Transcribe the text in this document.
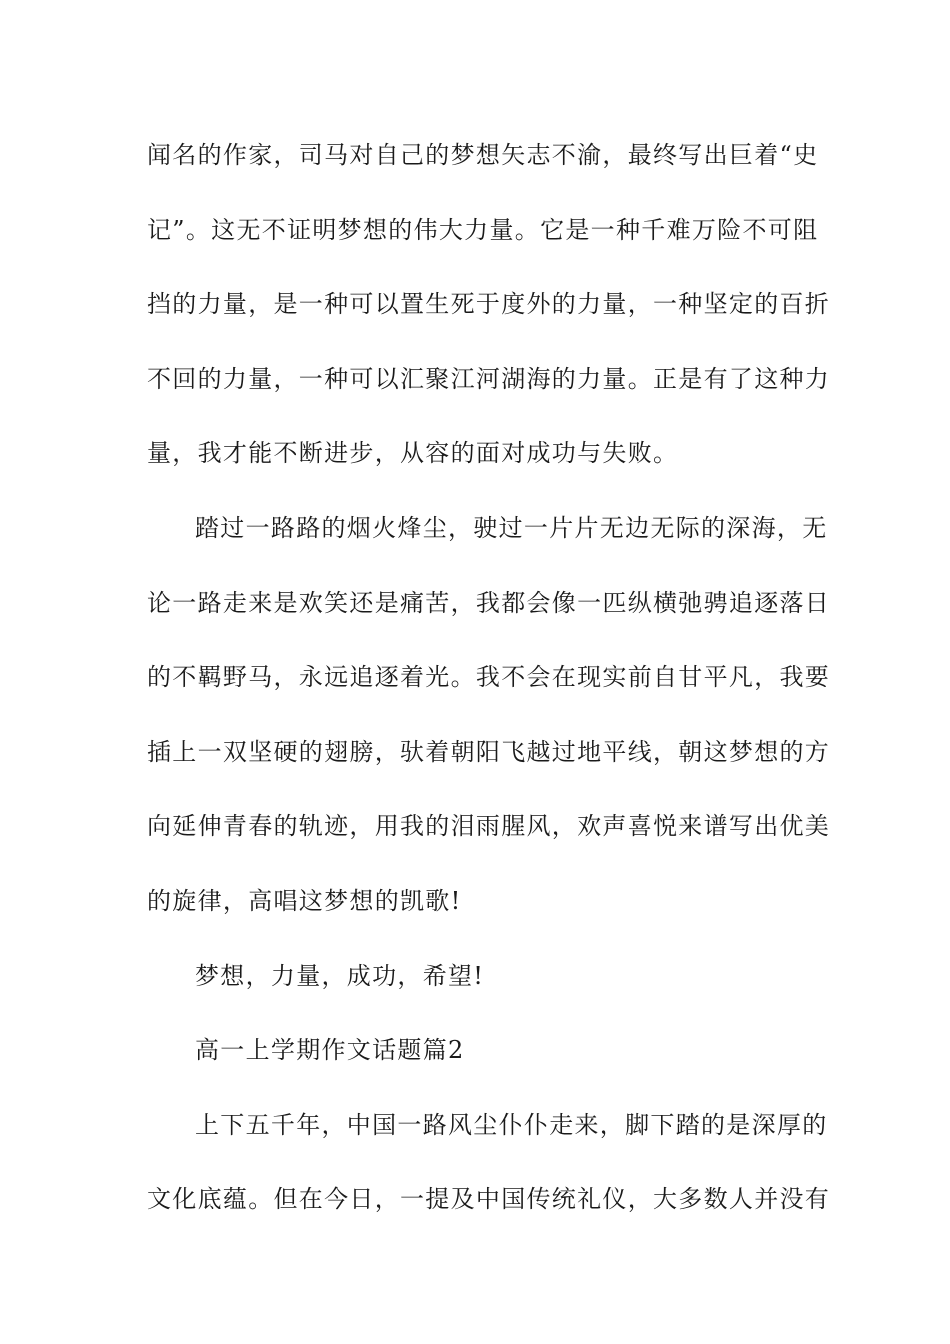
闻名的作家，司马对自己的梦想矢志不渝，最终写出巨着“史
记”。这无不证明梦想的伟大力量。它是一种千难万险不可阻
挡的力量，是一种可以置生死于度外的力量，一种坚定的百折
不回的力量，一种可以汇聚江河湖海的力量。正是有了这种力
量，我才能不断进步，从容的面对成功与失败。
踏过一路路的烟火烽尘，驶过一片片无边无际的深海，无
论一路走来是欢笑还是痛苦，我都会像一匹纵横弛骋追逐落日
的不羁野马，永远追逐着光。我不会在现实前自甘平凡，我要
插上一双坚硬的翅膀，驮着朝阳飞越过地平线，朝这梦想的方
向延伸青春的轨迹，用我的泪雨腥风，欢声喜悦来谱写出优美
的旋律，高唱这梦想的凯歌!
梦想，力量，成功，希望!
高一上学期作文话题篇2
上下五千年，中国一路风尘仆仆走来，脚下踏的是深厚的
文化底蕴。但在今日，一提及中国传统礼仪，大多数人并没有
